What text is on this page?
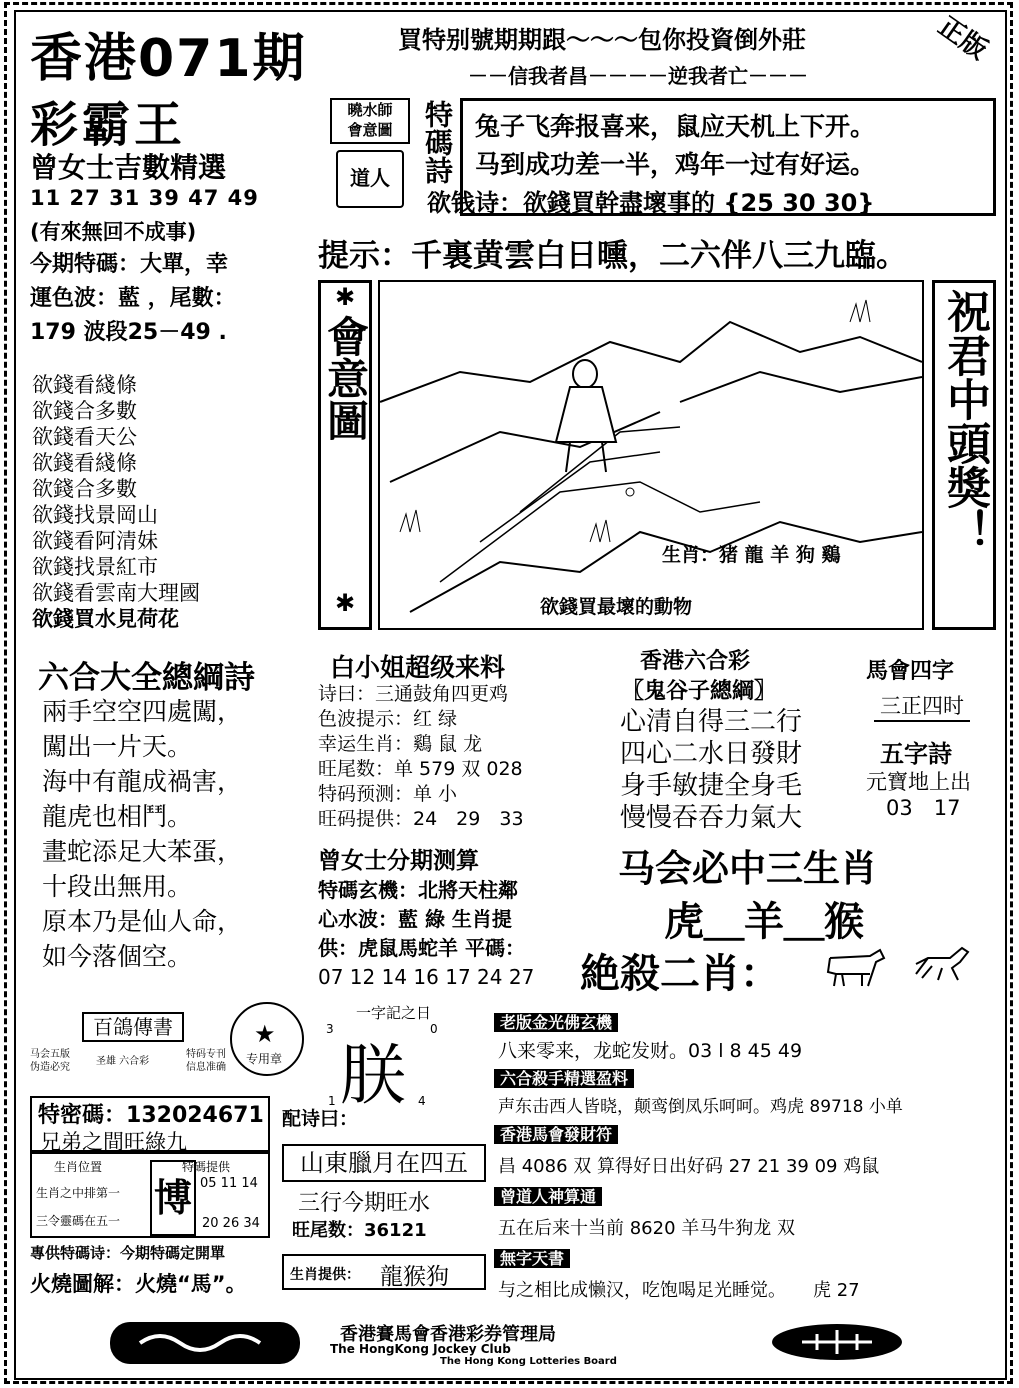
香港071期
彩霸王
買特别號期期跟～～～包你投資倒外莊
－－信我者昌－－－－逆我者亡－－－
正版
曾女士吉數精選
11 27 31 39 47 49
(有來無回不成事)
今期特碼：大單，幸
運色波：藍 ，尾數：
179 波段25－49 .
欲錢看綫條
欲錢合多數
欲錢看天公
欲錢看綫條
欲錢合多數
欲錢找景岡山
欲錢看阿清妹
欲錢找景紅市
欲錢看雲南大理國
欲錢買水見荷花
曉水師
會意圖
道人	特碼詩 兔子飞奔报喜来，鼠应天机上下开。
马到成功差一半，鸡年一过有好运。
欲钱诗：欲錢買幹盡壞事的 {25 30 30}
提示：千裏黄雲白日曛，二六伴八三九臨。
✱
會意圖
✱
生肖：猪 龍 羊 狗 鷄
欲錢買最壞的動物
祝君中頭獎！
六合大全總綱詩
兩手空空四處闖，
闖出一片天。
海中有龍成禍害，
龍虎也相鬥。
畫蛇添足大苯蛋，
十段出無用。
原本乃是仙人命，
如今落個空。
白小姐超级来料
诗曰：三通鼓角四更鸡
色波提示：红 绿
幸运生肖：鷄 鼠 龙
旺尾数：单 579 双 028
特码预测：单 小
旺码提供：24　29　33
曾女士分期测算
特碼玄機：北將天柱鄰
心水波：藍 綠 生肖提
供：虎鼠馬蛇羊 平碼：
07 12 14 16 17 24 27
香港六合彩
〖鬼谷子總綱〗
心清自得三二行
四心二水日發財
身手敏捷全身毛
慢慢吞吞力氣大
馬會四字
三正四时
五字詩
元寶地上出
03　17
马会必中三生肖
虎＿羊＿猴
絶殺二肖：
百鴿傳書	★
专用章
马会五版
伪造必究
圣雄 六合彩
特码专刊
信息准确
特密碼：132024671
兄弟之間旺綠九
生肖位置	特碼提供
生肖之中排第一
三令靈碼在五一
博 05 11 14
20 26 34
專供特碼诗：今期特碼定開單
火燒圖解：火燒“馬”。
一字記之日
3	0
朕
1	4
配诗曰：
山東臘月在四五
三行今期旺水
旺尾数：36121
生肖提供： 龍猴狗
老版金光佛玄機
八来零来，龙蛇发财。03 l 8 45 49
六合殺手精選盈料
声东击西人皆晓，颠鸾倒凤乐呵呵。鸡虎 89718 小单
香港馬會發財符
昌 4086 双 算得好日出好码 27 21 39 09 鸡鼠
曾道人神算通
五在后来十当前 8620 羊马牛狗龙 双
無字天書
与之相比成懒汉，吃饱喝足光睡觉。　　虎 27
香港賽馬會香港彩券管理局
The HongKong Jockey Club
The Hong Kong Lotteries Board
